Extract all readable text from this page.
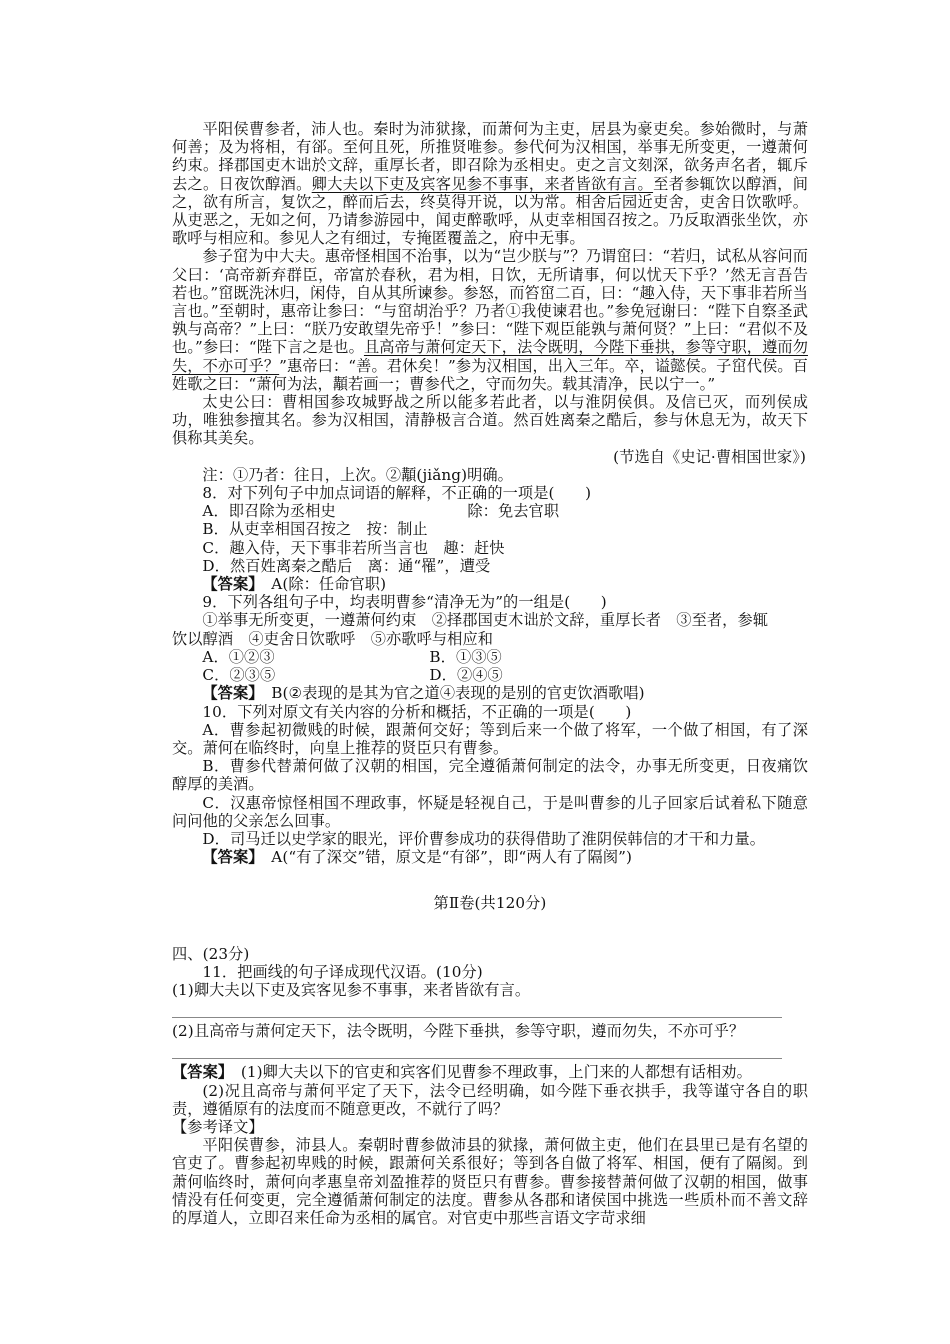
平阳侯曹参者，沛人也。秦时为沛狱掾，而萧何为主吏，居县为豪吏矣。参始微时，与萧何善；及为将相，有郤。至何且死，所推贤唯参。参代何为汉相国，举事无所变更，一遵萧何约束。择郡国吏木诎於文辞，重厚长者，即召除为丞相史。吏之言文刻深，欲务声名者，辄斥去之。日夜饮醇酒。卿大夫以下吏及宾客见参不事事，来者皆欲有言。至者参辄饮以醇酒，间之，欲有所言，复饮之，醉而后去，终莫得开说，以为常。相舍后园近吏舍，吏舍日饮歌呼。从吏恶之，无如之何，乃请参游园中，闻吏醉歌呼，从吏幸相国召按之。乃反取酒张坐饮，亦歌呼与相应和。参见人之有细过，专掩匿覆盖之，府中无事。

参子窋为中大夫。惠帝怪相国不治事，以为“岂少朕与”？乃谓窋曰：“若归，试私从容问而父曰：‘高帝新弃群臣，帝富於春秋，君为相，日饮，无所请事，何以忧天下乎？’然无言吾告若也。”窋既洗沐归，闲侍，自从其所谏参。参怒，而笞窋二百，曰：“趣入侍，天下事非若所当言也。”至朝时，惠帝让参曰：“与窋胡治乎？乃者①我使谏君也。”参免冠谢曰：“陛下自察圣武孰与高帝？”上曰：“朕乃安敢望先帝乎！”参曰：“陛下观臣能孰与萧何贤？”上曰：“君似不及也。”参曰：“陛下言之是也。且高帝与萧何定天下，法令既明，今陛下垂拱，参等守职，遵而勿失，不亦可乎？”惠帝曰：“善。君休矣！”参为汉相国，出入三年。卒，谥懿侯。子窋代侯。百姓歌之曰：“萧何为法，顜若画一；曹参代之，守而勿失。载其清净，民以宁一。”

太史公曰：曹相国参攻城野战之所以能多若此者，以与淮阴侯俱。及信已灭，而列侯成功，唯独参擅其名。参为汉相国，清静极言合道。然百姓离秦之酷后，参与休息无为，故天下俱称其美矣。

(节选自《史记·曹相国世家》)

注：①乃者：往日，上次。②顜(jiǎng)明确。

8．对下列句子中加点词语的解释，不正确的一项是(　　)

A．即召除为丞相史	除：免去官职

B．从吏幸相国召按之　按：制止

C．趣入侍，天下事非若所当言也　趣：赶快

D．然百姓离秦之酷后　离：通“罹”，遭受

【答案】　 A(除：任命官职)

9．下列各组句子中，均表明曹参“清净无为”的一组是(　　)

①举事无所变更，一遵萧何约束　②择郡国吏木诎於文辞，重厚长者　③至者，参辄

饮以醇酒　④吏舍日饮歌呼　⑤亦歌呼与相应和

A．①②③	B．①③⑤

C．②③⑤	D．②④⑤

【答案】　 B(②表现的是其为官之道④表现的是别的官吏饮酒歌唱)

10．下列对原文有关内容的分析和概括，不正确的一项是(　　)

A．曹参起初微贱的时候，跟萧何交好；等到后来一个做了将军，一个做了相国，有了深交。萧何在临终时，向皇上推荐的贤臣只有曹参。

B．曹参代替萧何做了汉朝的相国，完全遵循萧何制定的法令，办事无所变更，日夜痛饮醇厚的美酒。

C．汉惠帝惊怪相国不理政事，怀疑是轻视自己，于是叫曹参的儿子回家后试着私下随意问问他的父亲怎么回事。

D．司马迁以史学家的眼光，评价曹参成功的获得借助了淮阴侯韩信的才干和力量。

【答案】　 A(“有了深交”错，原文是“有郤”，即“两人有了隔阂”)

第Ⅱ卷(共120分)

四、(23分)

11．把画线的句子译成现代汉语。(10分)

(1)卿大夫以下吏及宾客见参不事事，来者皆欲有言。

(2)且高帝与萧何定天下，法令既明，今陛下垂拱，参等守职，遵而勿失，不亦可乎？

【答案】　 (1)卿大夫以下的官吏和宾客们见曹参不理政事，上门来的人都想有话相劝。

(2)况且高帝与萧何平定了天下，法令已经明确，如今陛下垂衣拱手，我等谨守各自的职责，遵循原有的法度而不随意更改，不就行了吗？

【参考译文】

平阳侯曹参，沛县人。秦朝时曹参做沛县的狱掾，萧何做主吏，他们在县里已是有名望的官吏了。曹参起初卑贱的时候，跟萧何关系很好；等到各自做了将军、相国，便有了隔阂。到萧何临终时，萧何向孝惠皇帝刘盈推荐的贤臣只有曹参。曹参接替萧何做了汉朝的相国，做事情没有任何变更，完全遵循萧何制定的法度。曹参从各郡和诸侯国中挑选一些质朴而不善文辞的厚道人，立即召来任命为丞相的属官。对官吏中那些言语文字苛求细
